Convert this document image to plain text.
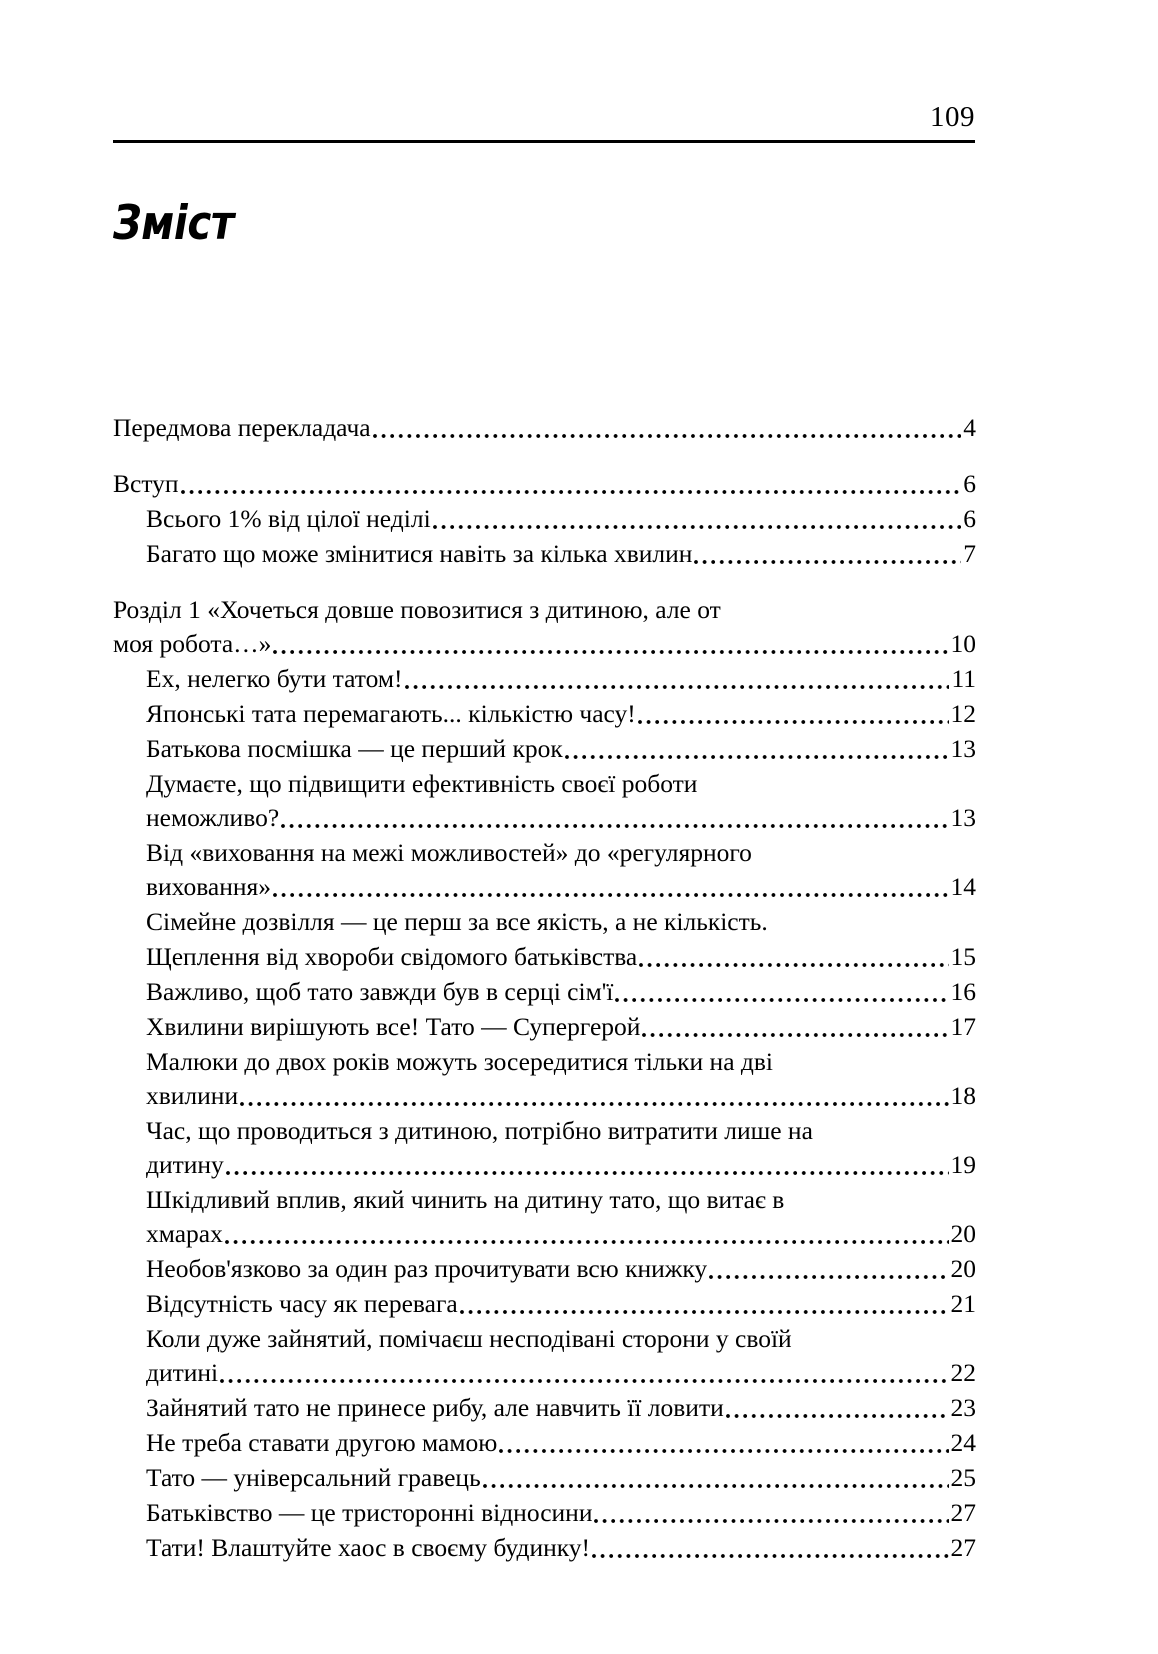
109
Зміст
Передмова перекладача	4
Вступ	6
Всього 1% від цілої неділі	6
Багато що може змінитися навіть за кілька хвилин	7
Розділ 1 «Хочеться довше повозитися з дитиною, але от
моя робота…»	10
Ех, нелегко бути татом!	11
Японські тата перемагають... кількістю часу!	12
Батькова посмішка — це перший крок	13
Думаєте, що підвищити ефективність своєї роботи
неможливо?	13
Від «виховання на межі можливостей» до «регулярного
виховання»	14
Сімейне дозвілля — це перш за все якість, а не кількість.
Щеплення від хвороби свідомого батьківства	15
Важливо, щоб тато завжди був в серці сім'ї	16
Хвилини вирішують все! Тато — Супергерой	17
Малюки до двох років можуть зосередитися тільки на дві
хвилини	18
Час, що проводиться з дитиною, потрібно витратити лише на
дитину	19
Шкідливий вплив, який чинить на дитину тато, що витає в
хмарах	20
Необов'язково за один раз прочитувати всю книжку	20
Відсутність часу як перевага	21
Коли дуже зайнятий, помічаєш несподівані сторони у своїй
дитині	22
Зайнятий тато не принесе рибу, але навчить її ловити	23
Не треба ставати другою мамою	24
Тато — універсальний гравець	25
Батьківство — це тристоронні відносини	27
Тати! Влаштуйте хаос в своєму будинку!	27
